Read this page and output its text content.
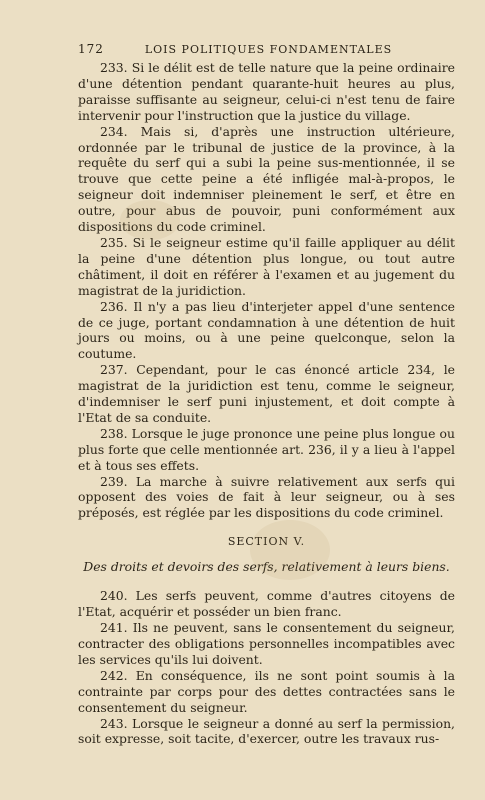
172	LOIS POLITIQUES FONDAMENTALES

233. Si le délit est de telle nature que la peine ordinaire d'une détention pendant quarante-huit heures au plus, paraisse suffisante au seigneur, celui-ci n'est tenu de faire intervenir pour l'instruction que la justice du village.

234. Mais si, d'après une instruction ultérieure, ordonnée par le tribunal de justice de la province, à la requête du serf qui a subi la peine sus-mentionnée, il se trouve que cette peine a été infligée mal-à-propos, le seigneur doit indemniser pleinement le serf, et être en outre, pour abus de pouvoir, puni conformément aux dispositions du code criminel.

235. Si le seigneur estime qu'il faille appliquer au délit la peine d'une détention plus longue, ou tout autre châtiment, il doit en référer à l'examen et au jugement du magistrat de la juridiction.

236. Il n'y a pas lieu d'interjeter appel d'une sentence de ce juge, portant condamnation à une détention de huit jours ou moins, ou à une peine quelconque, selon la coutume.

237. Cependant, pour le cas énoncé article 234, le magistrat de la juridiction est tenu, comme le seigneur, d'indemniser le serf puni injustement, et doit compte à l'Etat de sa conduite.

238. Lorsque le juge prononce une peine plus longue ou plus forte que celle mentionnée art. 236, il y a lieu à l'appel et à tous ses effets.

239. La marche à suivre relativement aux serfs qui opposent des voies de fait à leur seigneur, ou à ses préposés, est réglée par les dispositions du code criminel.

SECTION V.
Des droits et devoirs des serfs, relativement à leurs biens.

240. Les serfs peuvent, comme d'autres citoyens de l'Etat, acquérir et posséder un bien franc.

241. Ils ne peuvent, sans le consentement du seigneur, contracter des obligations personnelles incompatibles avec les services qu'ils lui doivent.

242. En conséquence, ils ne sont point soumis à la contrainte par corps pour des dettes contractées sans le consentement du seigneur.

243. Lorsque le seigneur a donné au serf la permission, soit expresse, soit tacite, d'exercer, outre les travaux rus-
